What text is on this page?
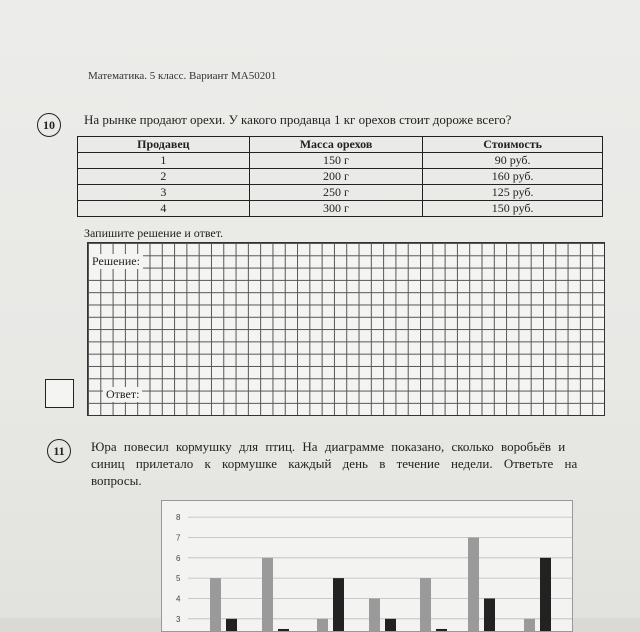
Математика. 5 класс. Вариант МА50201
10	На рынке продают орехи. У какого продавца 1 кг орехов стоит дороже всего?
Продавец	Масса орехов	Стоимость
1	150 г	90 руб.
2	200 г	160 руб.
3	250 г	125 руб.
4	300 г	150 руб.
Запишите решение и ответ.
Решение:
Ответ:
11	Юра повесил кормушку для птиц. На диаграмме показано, сколько воробьёв и
синиц прилетало к кормушке каждый день в течение недели. Ответьте на
вопросы.
8
7
6
5
4
3
